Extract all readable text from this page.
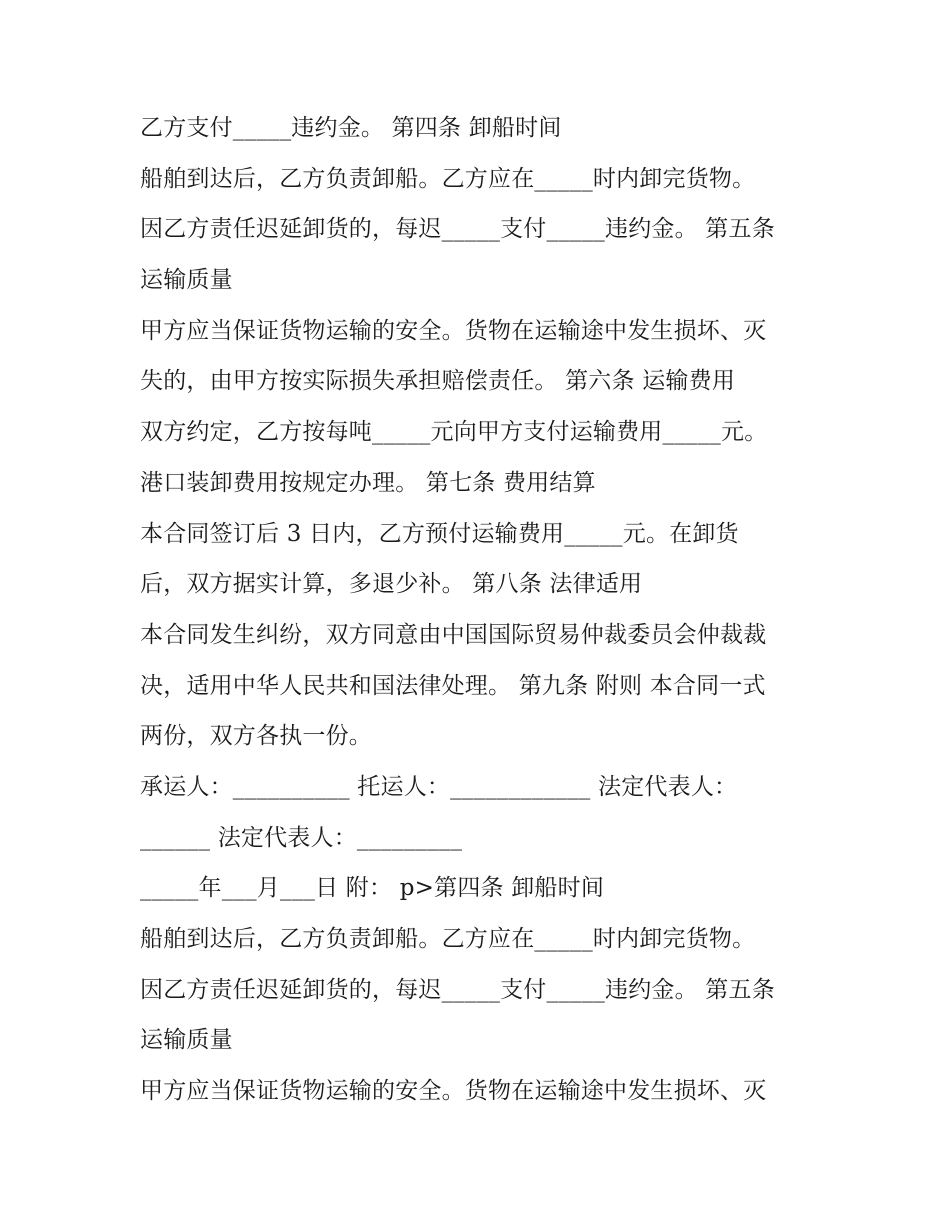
乙方支付_____违约金。 第四条 卸船时间
船舶到达后，乙方负责卸船。乙方应在_____时内卸完货物。
因乙方责任迟延卸货的，每迟_____支付_____违约金。 第五条
运输质量
甲方应当保证货物运输的安全。货物在运输途中发生损坏、灭
失的，由甲方按实际损失承担赔偿责任。 第六条 运输费用
双方约定，乙方按每吨_____元向甲方支付运输费用_____元。
港口装卸费用按规定办理。 第七条 费用结算
本合同签订后 3 日内，乙方预付运输费用_____元。在卸货
后，双方据实计算，多退少补。 第八条 法律适用
本合同发生纠纷，双方同意由中国国际贸易仲裁委员会仲裁裁
决，适用中华人民共和国法律处理。 第九条 附则 本合同一式
两份，双方各执一份。
承运人：__________ 托运人：____________ 法定代表人：
______ 法定代表人：_________
_____年___月___日 附： p>第四条 卸船时间
船舶到达后，乙方负责卸船。乙方应在_____时内卸完货物。
因乙方责任迟延卸货的，每迟_____支付_____违约金。 第五条
运输质量
甲方应当保证货物运输的安全。货物在运输途中发生损坏、灭
